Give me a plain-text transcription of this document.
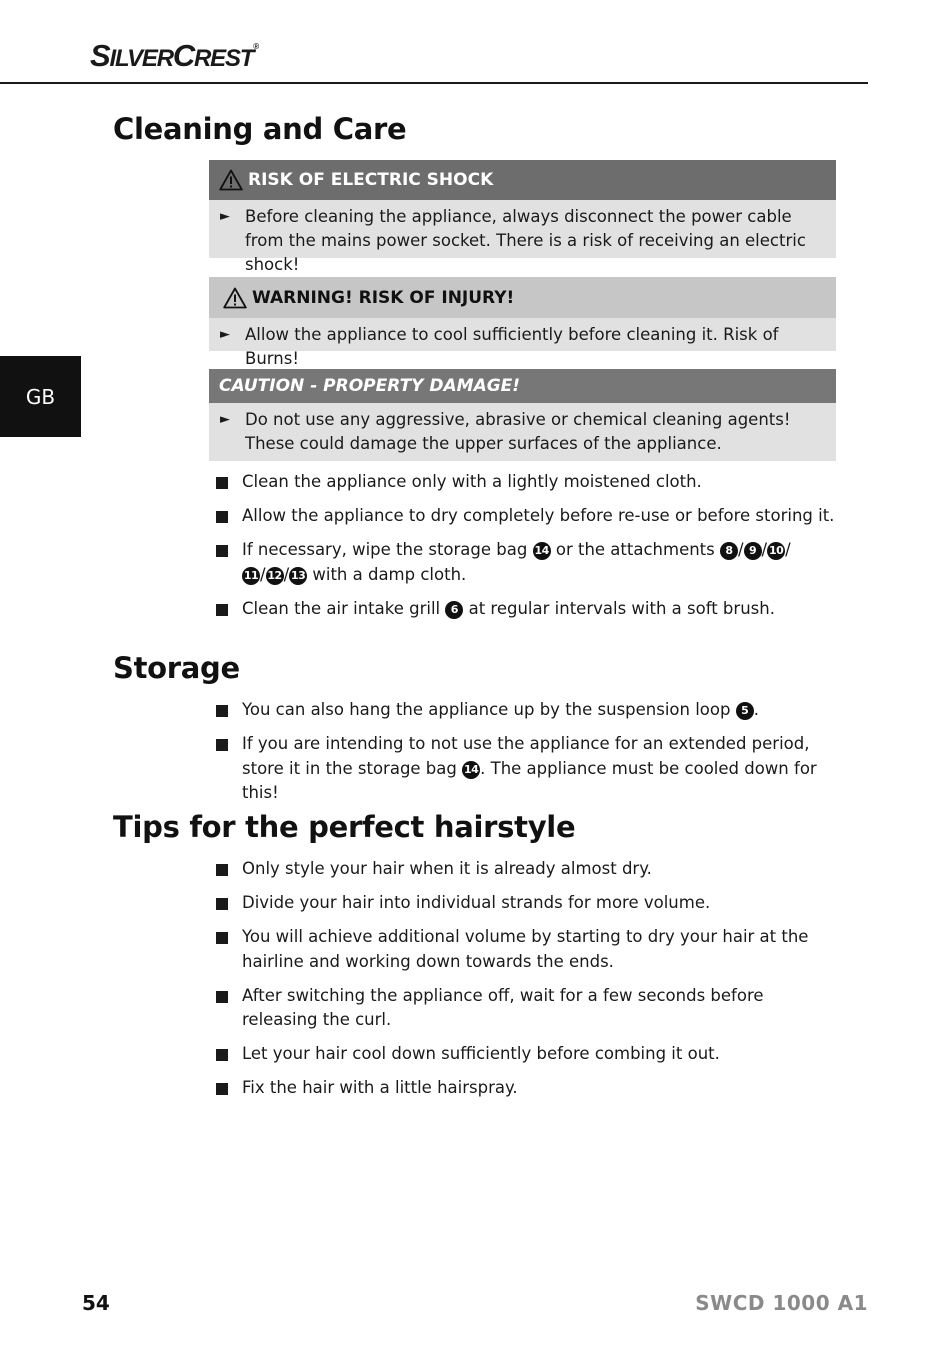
SILVERCREST®
GB
Cleaning and Care
RISK OF ELECTRIC SHOCK
► Before cleaning the appliance, always disconnect the power cable from the mains power socket. There is a risk of receiving an electric shock!
WARNING! RISK OF INJURY!
► Allow the appliance to cool sufficiently before cleaning it. Risk of Burns!
CAUTION - PROPERTY DAMAGE!
► Do not use any aggressive, abrasive or chemical cleaning agents! These could damage the upper surfaces of the appliance.
Clean the appliance only with a lightly moistened cloth.
Allow the appliance to dry completely before re-use or before storing it.
If necessary, wipe the storage bag 14 or the attachments 8 / 9 / 10 /
11 / 12 / 13 with a damp cloth.
Clean the air intake grill 6 at regular intervals with a soft brush.
Storage
You can also hang the appliance up by the suspension loop 5 .
If you are intending to not use the appliance for an extended period, store it in the storage bag 14 . The appliance must be cooled down for this!
Tips for the perfect hairstyle
Only style your hair when it is already almost dry.
Divide your hair into individual strands for more volume.
You will achieve additional volume by starting to dry your hair at the hairline and working down towards the ends.
After switching the appliance off, wait for a few seconds before releasing the curl.
Let your hair cool down sufficiently before combing it out.
Fix the hair with a little hairspray.
54	SWCD 1000 A1
